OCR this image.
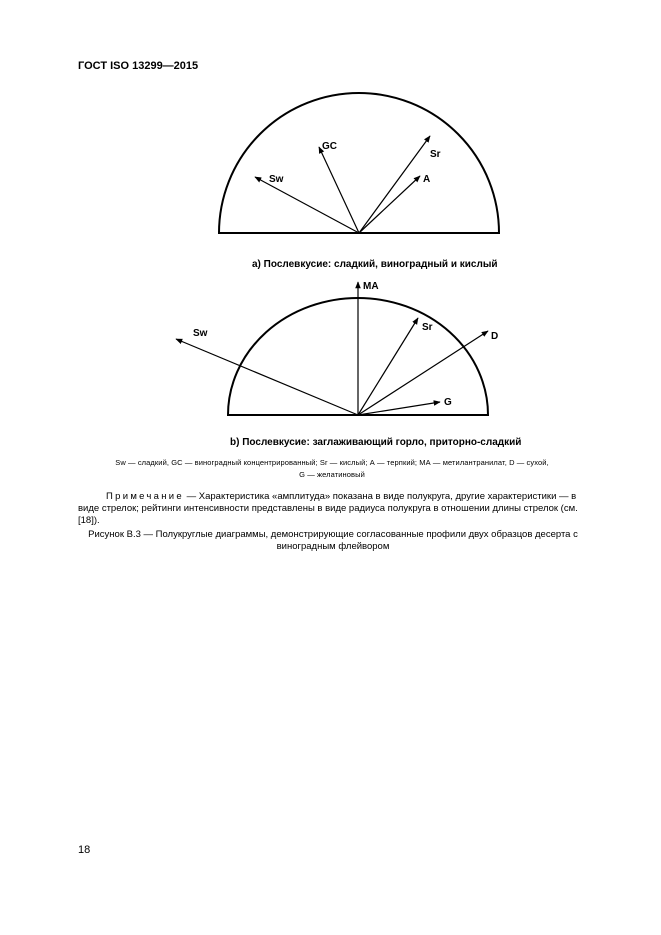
ГОСТ ISO 13299—2015
GC
Sr
Sw	A
MA
Sr
D
Sw
G
а) Послевкусие: сладкий, виноградный и кислый
b) Послевкусие: заглаживающий горло, приторно-сладкий
Sw — сладкий, GC — виноградный концентрированный; Sr — кислый; А — терпкий; МА — метилантранилат, D — сухой,
G — желатиновый
Примечание — Характеристика «амплитуда» показана в виде полукруга, другие характеристики — в виде стрелок; рейтинги интенсивности представлены в виде радиуса полукруга в отношении длины стрелок (см. [18]).
Рисунок В.3 — Полукруглые диаграммы, демонстрирующие согласованные профили двух образцов десерта с виноградным флейвором
18
